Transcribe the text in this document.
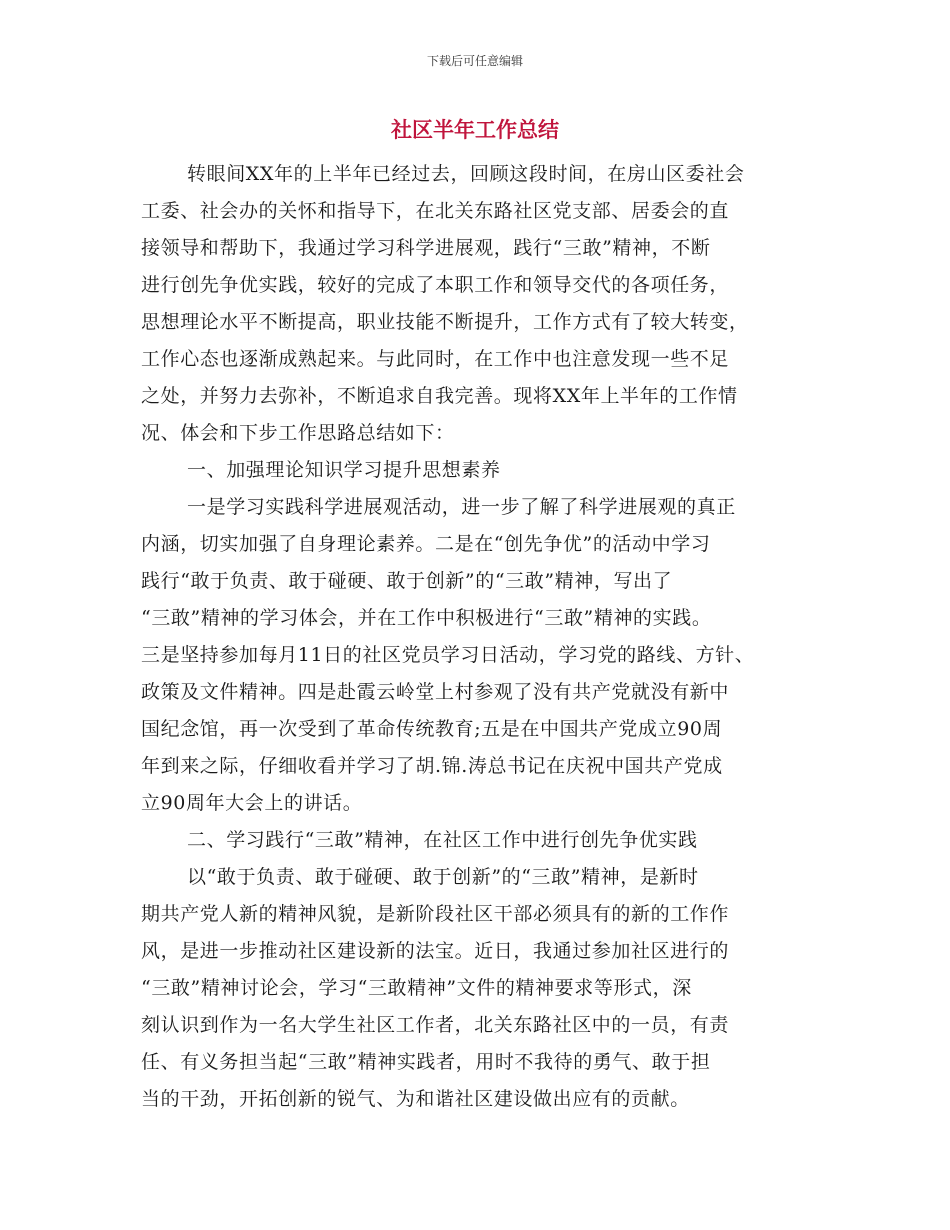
下载后可任意编辑
社区半年工作总结
转眼间XX年的上半年已经过去，回顾这段时间，在房山区委社会
工委、社会办的关怀和指导下，在北关东路社区党支部、居委会的直
接领导和帮助下，我通过学习科学进展观，践行“三敢”精神，不断
进行创先争优实践，较好的完成了本职工作和领导交代的各项任务，
思想理论水平不断提高，职业技能不断提升，工作方式有了较大转变，
工作心态也逐渐成熟起来。与此同时，在工作中也注意发现一些不足
之处，并努力去弥补，不断追求自我完善。现将XX年上半年的工作情
况、体会和下步工作思路总结如下：
一、加强理论知识学习提升思想素养
一是学习实践科学进展观活动，进一步了解了科学进展观的真正
内涵，切实加强了自身理论素养。二是在“创先争优”的活动中学习
践行“敢于负责、敢于碰硬、敢于创新”的“三敢”精神，写出了
“三敢”精神的学习体会，并在工作中积极进行“三敢”精神的实践。
三是坚持参加每月11日的社区党员学习日活动，学习党的路线、方针、
政策及文件精神。四是赴霞云岭堂上村参观了没有共产党就没有新中
国纪念馆，再一次受到了革命传统教育;五是在中国共产党成立90周
年到来之际，仔细收看并学习了胡.锦.涛总书记在庆祝中国共产党成
立90周年大会上的讲话。
二、学习践行“三敢”精神，在社区工作中进行创先争优实践
以“敢于负责、敢于碰硬、敢于创新”的“三敢”精神，是新时
期共产党人新的精神风貌，是新阶段社区干部必须具有的新的工作作
风，是进一步推动社区建设新的法宝。近日，我通过参加社区进行的
“三敢”精神讨论会，学习“三敢精神”文件的精神要求等形式，深
刻认识到作为一名大学生社区工作者，北关东路社区中的一员，有责
任、有义务担当起“三敢”精神实践者，用时不我待的勇气、敢于担
当的干劲，开拓创新的锐气、为和谐社区建设做出应有的贡献。
